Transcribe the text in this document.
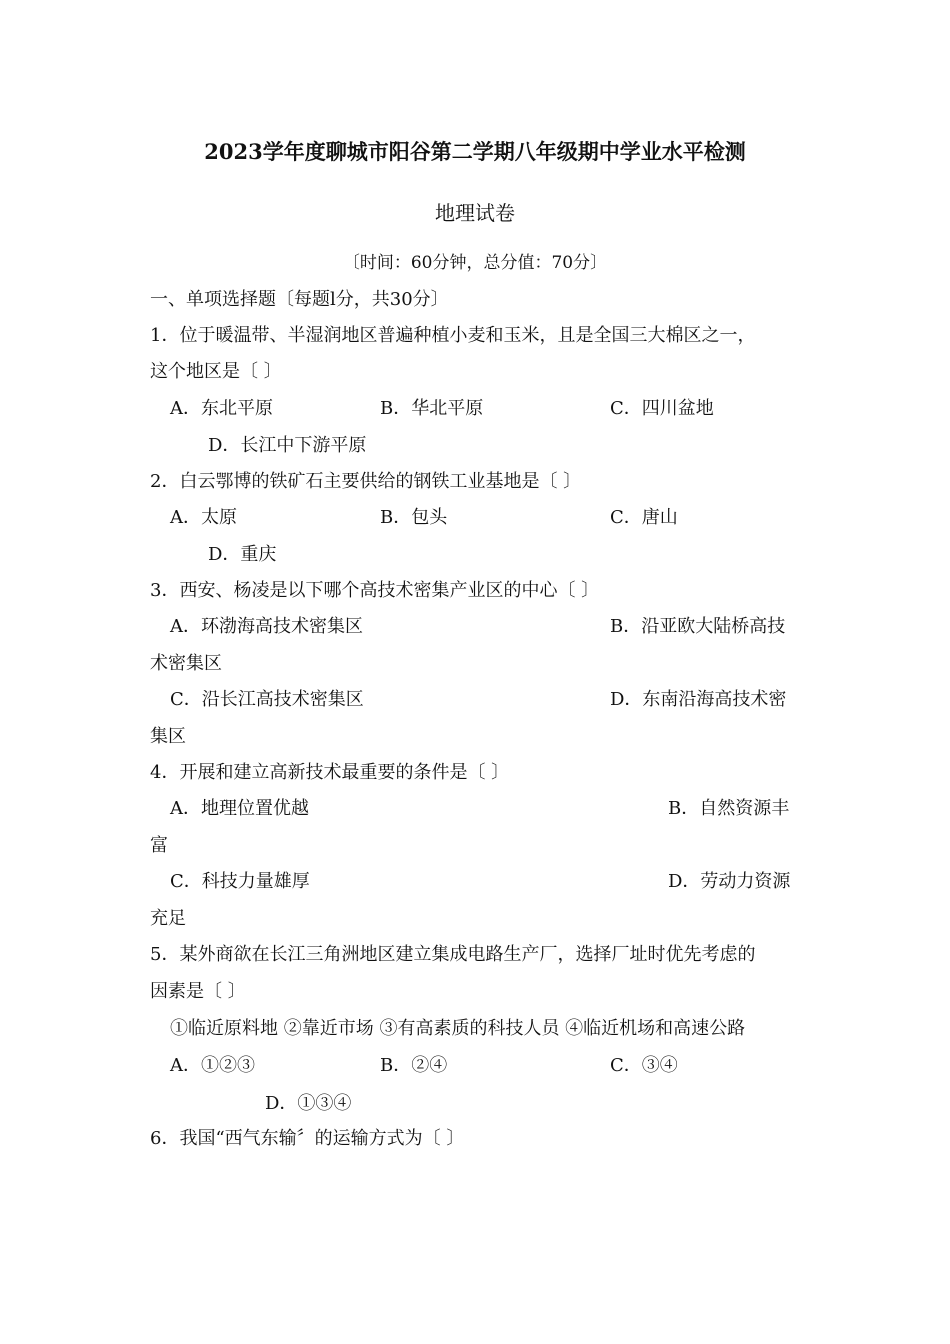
2023学年度聊城市阳谷第二学期八年级期中学业水平检测
地理试卷
〔时间：60分钟，总分值：70分〕
一、单项选择题〔每题l分，共30分〕
1．位于暖温带、半湿润地区普遍种植小麦和玉米，且是全国三大棉区之一，
这个地区是〔 〕
A．东北平原	B．华北平原	C．四川盆地
D．长江中下游平原
2．白云鄂博的铁矿石主要供给的钢铁工业基地是〔 〕
A．太原	B．包头	C．唐山
D．重庆
3．西安、杨凌是以下哪个高技术密集产业区的中心〔 〕
A．环渤海高技术密集区	B．沿亚欧大陆桥高技
术密集区
C．沿长江高技术密集区	D．东南沿海高技术密
集区
4．开展和建立高新技术最重要的条件是〔 〕
A．地理位置优越	B．自然资源丰
富
C．科技力量雄厚	D．劳动力资源
充足
5．某外商欲在长江三角洲地区建立集成电路生产厂，选择厂址时优先考虑的
因素是〔 〕
①临近原料地 ②靠近市场 ③有高素质的科技人员 ④临近机场和高速公路
A．①②③	B．②④	C．③④
D．①③④
6．我国“西气东输〞的运输方式为〔 〕
